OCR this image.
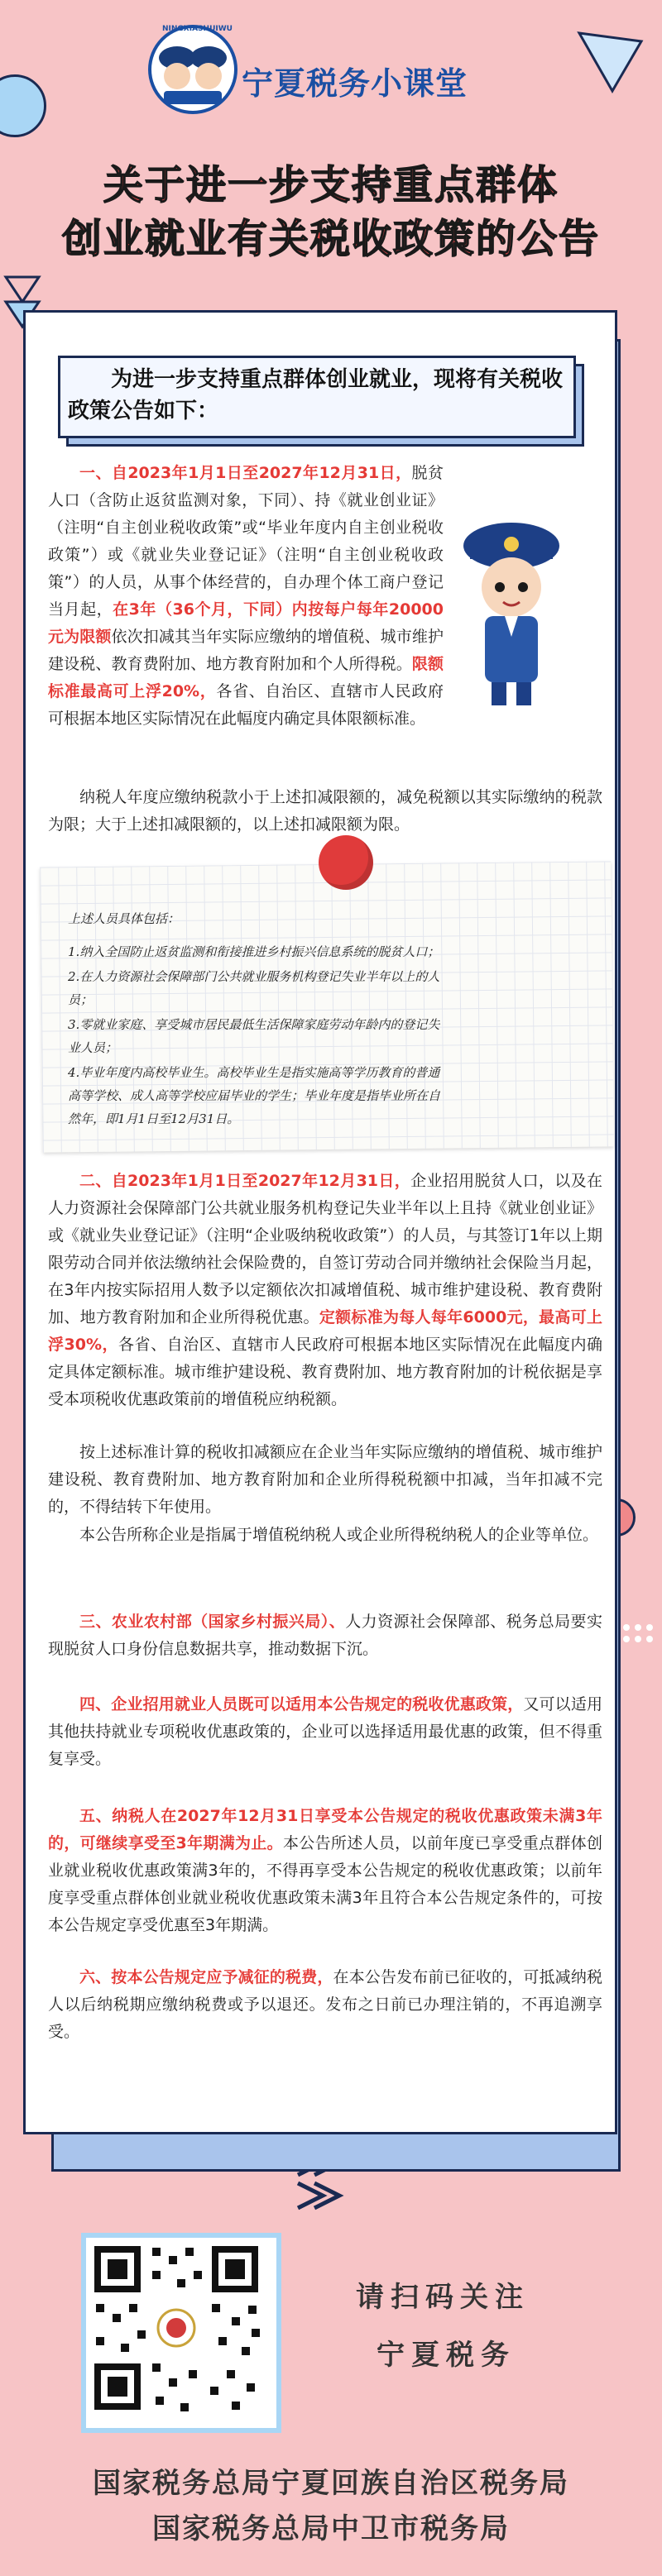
NINGXIASHUIWU
宁夏税务小课堂
关于进一步支持重点群体
创业就业有关税收政策的公告
为进一步支持重点群体创业就业，现将有关税收政策公告如下：
一、自2023年1月1日至2027年12月31日，脱贫人口（含防止返贫监测对象，下同）、持《就业创业证》（注明“自主创业税收政策”或“毕业年度内自主创业税收政策”）或《就业失业登记证》（注明“自主创业税收政策”）的人员，从事个体经营的，自办理个体工商户登记当月起，在3年（36个月，下同）内按每户每年20000元为限额依次扣减其当年实际应缴纳的增值税、城市维护建设税、教育费附加、地方教育附加和个人所得税。限额标准最高可上浮20%，各省、自治区、直辖市人民政府可根据本地区实际情况在此幅度内确定具体限额标准。
纳税人年度应缴纳税款小于上述扣减限额的，减免税额以其实际缴纳的税款为限；大于上述扣减限额的，以上述扣减限额为限。
上述人员具体包括：
1.纳入全国防止返贫监测和衔接推进乡村振兴信息系统的脱贫人口；
2.在人力资源社会保障部门公共就业服务机构登记失业半年以上的人
员；
3.零就业家庭、享受城市居民最低生活保障家庭劳动年龄内的登记失
业人员；
4.毕业年度内高校毕业生。高校毕业生是指实施高等学历教育的普通
高等学校、成人高等学校应届毕业的学生；毕业年度是指毕业所在自
然年，即1月1日至12月31日。
二、自2023年1月1日至2027年12月31日，企业招用脱贫人口，以及在人力资源社会保障部门公共就业服务机构登记失业半年以上且持《就业创业证》或《就业失业登记证》（注明“企业吸纳税收政策”）的人员，与其签订1年以上期限劳动合同并依法缴纳社会保险费的，自签订劳动合同并缴纳社会保险当月起，在3年内按实际招用人数予以定额依次扣减增值税、城市维护建设税、教育费附加、地方教育附加和企业所得税优惠。定额标准为每人每年6000元，最高可上浮30%，各省、自治区、直辖市人民政府可根据本地区实际情况在此幅度内确定具体定额标准。城市维护建设税、教育费附加、地方教育附加的计税依据是享受本项税收优惠政策前的增值税应纳税额。
按上述标准计算的税收扣减额应在企业当年实际应缴纳的增值税、城市维护建设税、教育费附加、地方教育附加和企业所得税税额中扣减，当年扣减不完的，不得结转下年使用。
本公告所称企业是指属于增值税纳税人或企业所得税纳税人的企业等单位。
三、农业农村部（国家乡村振兴局）、人力资源社会保障部、税务总局要实现脱贫人口身份信息数据共享，推动数据下沉。
四、企业招用就业人员既可以适用本公告规定的税收优惠政策，又可以适用其他扶持就业专项税收优惠政策的，企业可以选择适用最优惠的政策，但不得重复享受。
五、纳税人在2027年12月31日享受本公告规定的税收优惠政策未满3年的，可继续享受至3年期满为止。本公告所述人员，以前年度已享受重点群体创业就业税收优惠政策满3年的，不得再享受本公告规定的税收优惠政策；以前年度享受重点群体创业就业税收优惠政策未满3年且符合本公告规定条件的，可按本公告规定享受优惠至3年期满。
六、按本公告规定应予减征的税费，在本公告发布前已征收的，可抵减纳税人以后纳税期应缴纳税费或予以退还。发布之日前已办理注销的，不再追溯享受。
请扫码关注
宁夏税务
国家税务总局宁夏回族自治区税务局
国家税务总局中卫市税务局
